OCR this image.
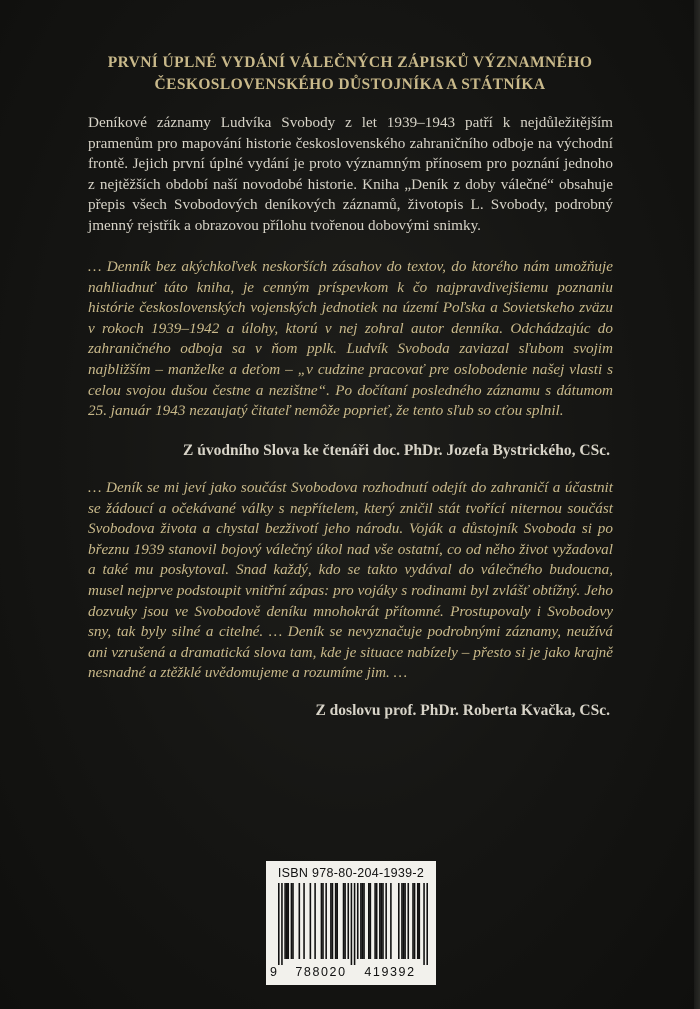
PRVNÍ ÚPLNÉ VYDÁNÍ VÁLEČNÝCH ZÁPISKŮ VÝZNAMNÉHO
ČESKOSLOVENSKÉHO DŮSTOJNÍKA A STÁTNÍKA

Deníkové záznamy Ludvíka Svobody z let 1939–1943 patří k nejdůležitějším pramenům pro mapování historie československého zahraničního odboje na východní frontě. Jejich první úplné vydání je proto významným přínosem pro poznání jednoho z nejtěžších období naší novodobé historie. Kniha „Deník z doby válečné“ obsahuje přepis všech Svobodových deníkových záznamů, životopis L. Svobody, podrobný jmenný rejstřík a obrazovou přílohu tvořenou dobovými snimky.

… Denník bez akýchkoľvek neskorších zásahov do textov, do ktorého nám umožňuje nahliadnuť táto kniha, je cenným príspevkom k čo najpravdivejšiemu poznaniu histórie československých vojenských jednotiek na území Poľska a Sovietskeho zväzu v rokoch 1939–1942 a úlohy, ktorú v nej zohral autor denníka. Odchádzajúc do zahraničného odboja sa v ňom pplk. Ludvík Svoboda zaviazal sľubom svojim najbližším – manželke a deťom – „v cudzine pracovať pre oslobodenie našej vlasti s celou svojou dušou čestne a nezištne“. Po dočítaní posledného záznamu s dátumom 25. január 1943 nezaujatý čitateľ nemôže poprieť, že tento sľub so cťou splnil.

Z úvodního Slova ke čtenáři doc. PhDr. Jozefa Bystrického, CSc.

… Deník se mi jeví jako součást Svobodova rozhodnutí odejít do zahraničí a účastnit se žádoucí a očekávané války s nepřítelem, který zničil stát tvořící niternou součást Svobodova života a chystal bezživotí jeho národu. Voják a důstojník Svoboda si po březnu 1939 stanovil bojový válečný úkol nad vše ostatní, co od něho život vyžadoval a také mu poskytoval. Snad každý, kdo se takto vydával do válečného budoucna, musel nejprve podstoupit vnitřní zápas: pro vojáky s rodinami byl zvlášť obtížný. Jeho dozvuky jsou ve Svobodově deníku mnohokrát přítomné. Prostupovaly i Svobodovy sny, tak byly silné a citelné. … Deník se nevyznačuje podrobnými záznamy, neužívá ani vzrušená a dramatická slova tam, kde je situace nabízely – přesto si je jako krajně nesnadné a ztěžklé uvědomujeme a rozumíme jim. …

Z doslovu prof. PhDr. Roberta Kvačka, CSc.
ISBN 978-80-204-1939-2
9	788020	419392
